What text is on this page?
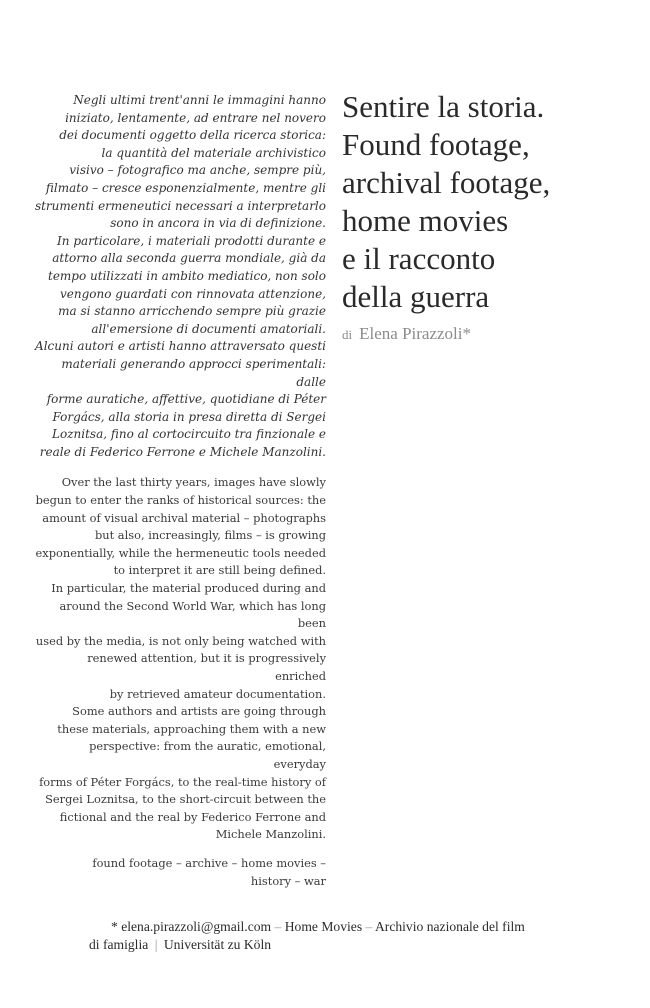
Negli ultimi trent'anni le immagini hanno

iniziato, lentamente, ad entrare nel novero

dei documenti oggetto della ricerca storica:

la quantità del materiale archivistico

visivo – fotografico ma anche, sempre più,

filmato – cresce esponenzialmente, mentre gli

strumenti ermeneutici necessari a interpretarlo

sono in ancora in via di definizione.

In particolare, i materiali prodotti durante e

attorno alla seconda guerra mondiale, già da

tempo utilizzati in ambito mediatico, non solo

vengono guardati con rinnovata attenzione,

ma si stanno arricchendo sempre più grazie

all'emersione di documenti amatoriali.

Alcuni autori e artisti hanno attraversato questi

materiali generando approcci sperimentali: dalle

forme auratiche, affettive, quotidiane di Péter

Forgács, alla storia in presa diretta di Sergei

Loznitsa, fino al cortocircuito tra finzionale e

reale di Federico Ferrone e Michele Manzolini.

Over the last thirty years, images have slowly

begun to enter the ranks of historical sources: the

amount of visual archival material – photographs

but also, increasingly, films – is growing

exponentially, while the hermeneutic tools needed

to interpret it are still being defined.

In particular, the material produced during and

around the Second World War, which has long been

used by the media, is not only being watched with

renewed attention, but it is progressively enriched

by retrieved amateur documentation.

Some authors and artists are going through

these materials, approaching them with a new

perspective: from the auratic, emotional, everyday

forms of Péter Forgács, to the real-time history of

Sergei Loznitsa, to the short-circuit between the

fictional and the real by Federico Ferrone and

Michele Manzolini.

found footage – archive – home movies –
history – war
Sentire la storia.
Found footage,
archival footage,
home movies
e il racconto
della guerra
di Elena Pirazzoli*
* elena.pirazzoli@gmail.com – Home Movies – Archivio nazionale del film
di famiglia | Universität zu Köln
